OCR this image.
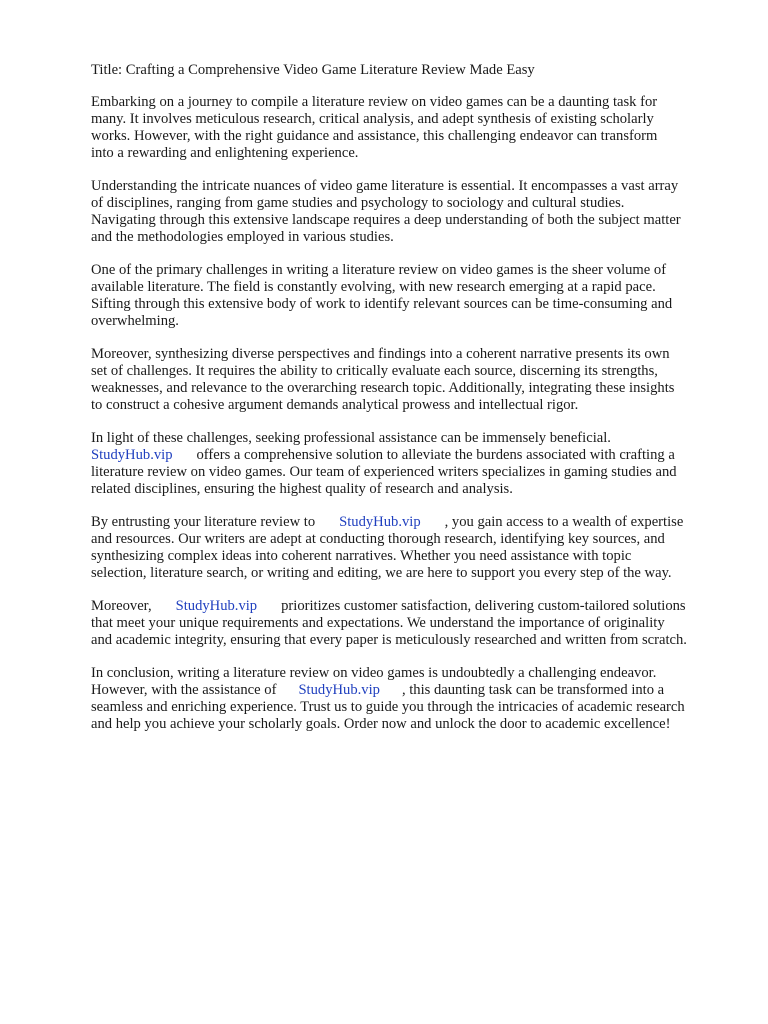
Title: Crafting a Comprehensive Video Game Literature Review Made Easy

Embarking on a journey to compile a literature review on video games can be a daunting task for
many. It involves meticulous research, critical analysis, and adept synthesis of existing scholarly
works. However, with the right guidance and assistance, this challenging endeavor can transform
into a rewarding and enlightening experience.

Understanding the intricate nuances of video game literature is essential. It encompasses a vast array
of disciplines, ranging from game studies and psychology to sociology and cultural studies.
Navigating through this extensive landscape requires a deep understanding of both the subject matter
and the methodologies employed in various studies.

One of the primary challenges in writing a literature review on video games is the sheer volume of
available literature. The field is constantly evolving, with new research emerging at a rapid pace.
Sifting through this extensive body of work to identify relevant sources can be time-consuming and
overwhelming.

Moreover, synthesizing diverse perspectives and findings into a coherent narrative presents its own
set of challenges. It requires the ability to critically evaluate each source, discerning its strengths,
weaknesses, and relevance to the overarching research topic. Additionally, integrating these insights
to construct a cohesive argument demands analytical prowess and intellectual rigor.

In light of these challenges, seeking professional assistance can be immensely beneficial.
StudyHub.vip offers a comprehensive solution to alleviate the burdens associated with crafting a
literature review on video games. Our team of experienced writers specializes in gaming studies and
related disciplines, ensuring the highest quality of research and analysis.

By entrusting your literature review to StudyHub.vip , you gain access to a wealth of expertise
and resources. Our writers are adept at conducting thorough research, identifying key sources, and
synthesizing complex ideas into coherent narratives. Whether you need assistance with topic
selection, literature search, or writing and editing, we are here to support you every step of the way.

Moreover, StudyHub.vip prioritizes customer satisfaction, delivering custom-tailored solutions
that meet your unique requirements and expectations. We understand the importance of originality
and academic integrity, ensuring that every paper is meticulously researched and written from scratch.

In conclusion, writing a literature review on video games is undoubtedly a challenging endeavor.
However, with the assistance of StudyHub.vip , this daunting task can be transformed into a
seamless and enriching experience. Trust us to guide you through the intricacies of academic research
and help you achieve your scholarly goals. Order now and unlock the door to academic excellence!
